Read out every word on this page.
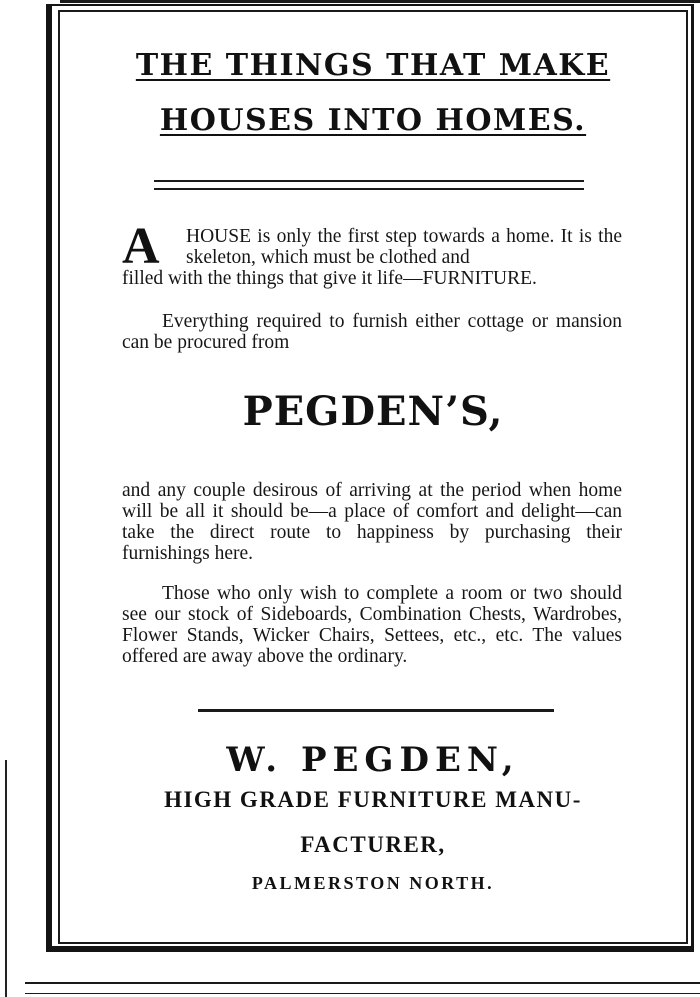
THE THINGS THAT MAKE
HOUSES INTO HOMES.
A HOUSE is only the first step towards a home. It is the skeleton, which must be clothed and
filled with the things that give it life—FURNITURE.
Everything required to furnish either cottage or mansion can be procured from
PEGDEN’S,
and any couple desirous of arriving at the period when home will be all it should be—a place of comfort and delight—can take the direct route to happiness by purchasing their furnishings here.
Those who only wish to complete a room or two should see our stock of Sideboards, Combination Chests, Wardrobes, Flower Stands, Wicker Chairs, Settees, etc., etc. The values offered are away above the ordinary.
W. PEGDEN,
HIGH GRADE FURNITURE MANU-
FACTURER,
PALMERSTON NORTH.
